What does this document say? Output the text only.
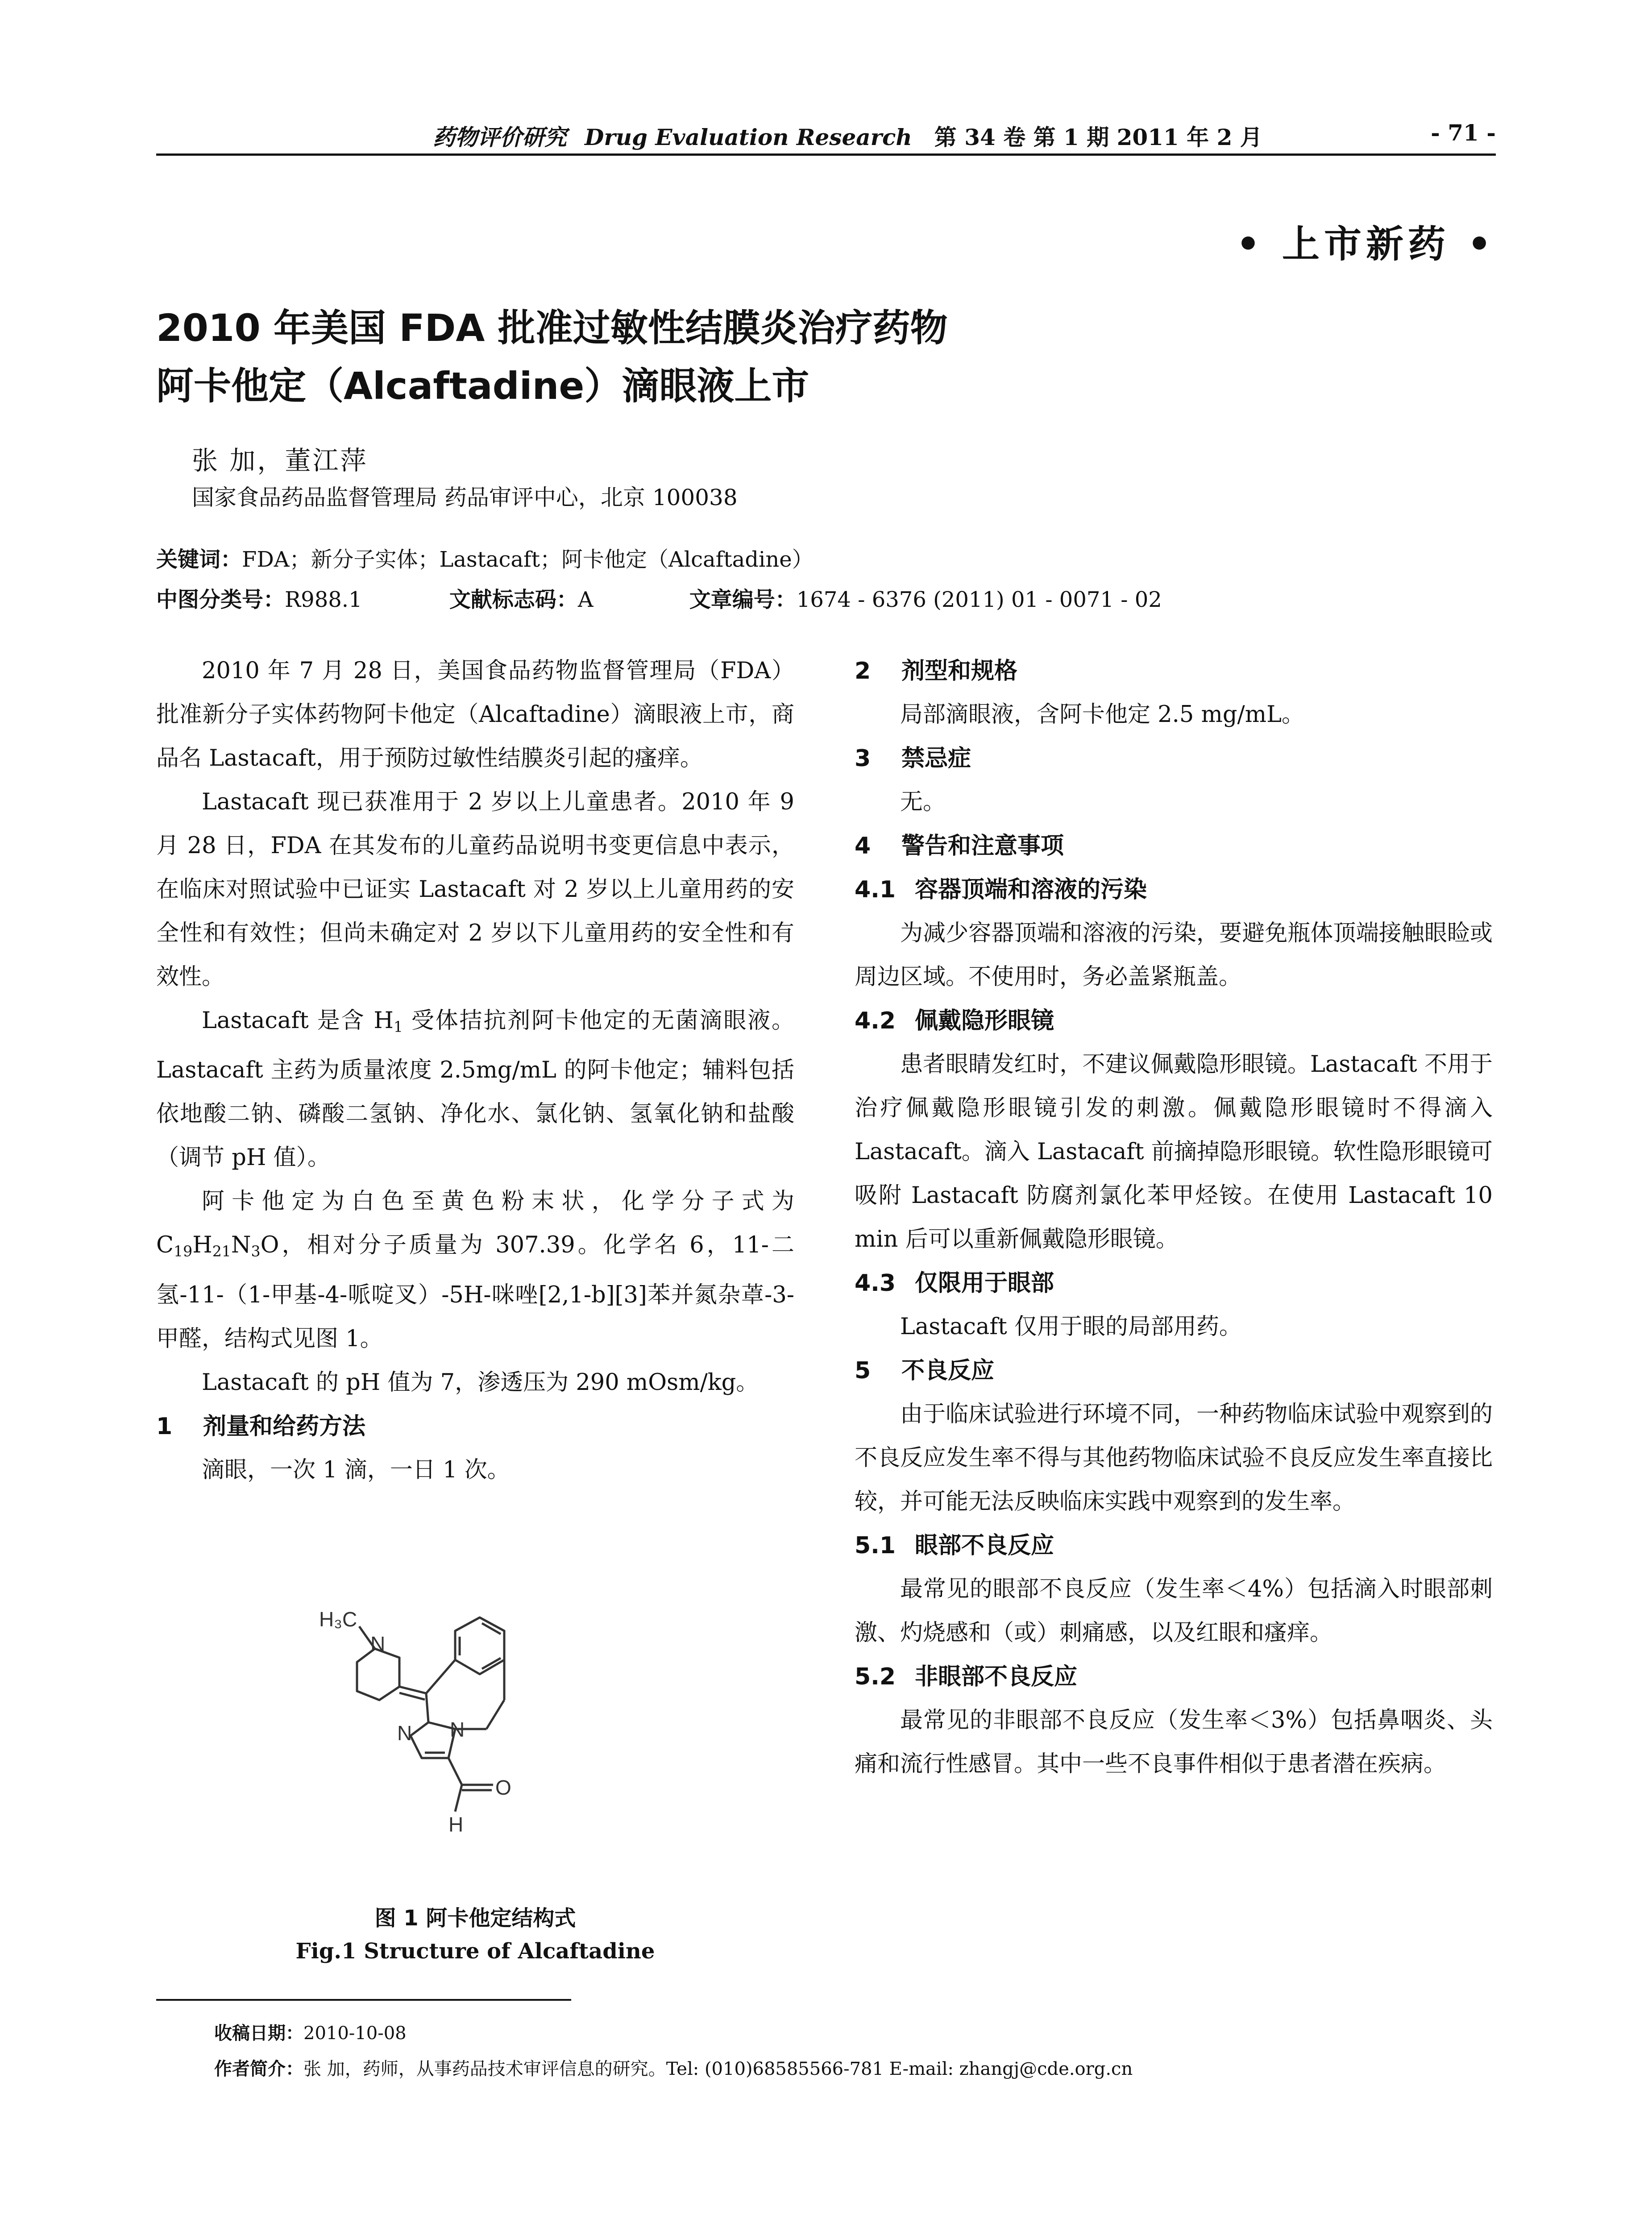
药物评价研究 Drug Evaluation Research 第 34 卷 第 1 期 2011 年 2 月	- 71 -
• 上市新药 •
2010 年美国 FDA 批准过敏性结膜炎治疗药物
阿卡他定（Alcaftadine）滴眼液上市
张 加，董江萍
国家食品药品监督管理局 药品审评中心，北京 100038
关键词：FDA；新分子实体；Lastacaft；阿卡他定（Alcaftadine）
中图分类号：R988.1	文献标志码：A	文章编号：1674 - 6376 (2011) 01 - 0071 - 02

2010 年 7 月 28 日，美国食品药物监督管理局（FDA）批准新分子实体药物阿卡他定（Alcaftadine）滴眼液上市，商品名 Lastacaft，用于预防过敏性结膜炎引起的瘙痒。

Lastacaft 现已获准用于 2 岁以上儿童患者。2010 年 9 月 28 日，FDA 在其发布的儿童药品说明书变更信息中表示，在临床对照试验中已证实 Lastacaft 对 2 岁以上儿童用药的安全性和有效性；但尚未确定对 2 岁以下儿童用药的安全性和有效性。

Lastacaft 是含 $H_1$ 受体拮抗剂阿卡他定的无菌滴眼液。Lastacaft 主药为质量浓度 2.5mg/mL 的阿卡他定；辅料包括依地酸二钠、磷酸二氢钠、净化水、氯化钠、氢氧化钠和盐酸（调节 pH 值）。

阿卡他定为白色至黄色粉末状，化学分子式为 $C_{19}H_{21}N_3O$，相对分子质量为 307.39。化学名 6，11-二氢-11-（1-甲基-4-哌啶叉）-5H-咪唑[2,1-b][3]苯并氮杂䓬-3-甲醛，结构式见图 1。

Lastacaft 的 pH 值为 7，渗透压为 290 mOsm/kg。

1 剂量和给药方法

滴眼，一次 1 滴，一日 1 次。

H₃C
N
N N
O
H
图 1 阿卡他定结构式
Fig.1 Structure of Alcaftadine
2 剂型和规格

局部滴眼液，含阿卡他定 2.5 mg/mL。

3 禁忌症

无。

4 警告和注意事项
4.1 容器顶端和溶液的污染

为减少容器顶端和溶液的污染，要避免瓶体顶端接触眼睑或周边区域。不使用时，务必盖紧瓶盖。

4.2 佩戴隐形眼镜

患者眼睛发红时，不建议佩戴隐形眼镜。Lastacaft 不用于治疗佩戴隐形眼镜引发的刺激。佩戴隐形眼镜时不得滴入 Lastacaft。滴入 Lastacaft 前摘掉隐形眼镜。软性隐形眼镜可吸附 Lastacaft 防腐剂氯化苯甲烃铵。在使用 Lastacaft 10 min 后可以重新佩戴隐形眼镜。

4.3 仅限用于眼部

Lastacaft 仅用于眼的局部用药。

5 不良反应

由于临床试验进行环境不同，一种药物临床试验中观察到的不良反应发生率不得与其他药物临床试验不良反应发生率直接比较，并可能无法反映临床实践中观察到的发生率。

5.1 眼部不良反应

最常见的眼部不良反应（发生率＜4%）包括滴入时眼部刺激、灼烧感和（或）刺痛感，以及红眼和瘙痒。

5.2 非眼部不良反应

最常见的非眼部不良反应（发生率＜3%）包括鼻咽炎、头痛和流行性感冒。其中一些不良事件相似于患者潜在疾病。

收稿日期：2010-10-08
作者简介：张 加，药师，从事药品技术审评信息的研究。Tel: (010)68585566-781 E-mail: zhangj@cde.org.cn
